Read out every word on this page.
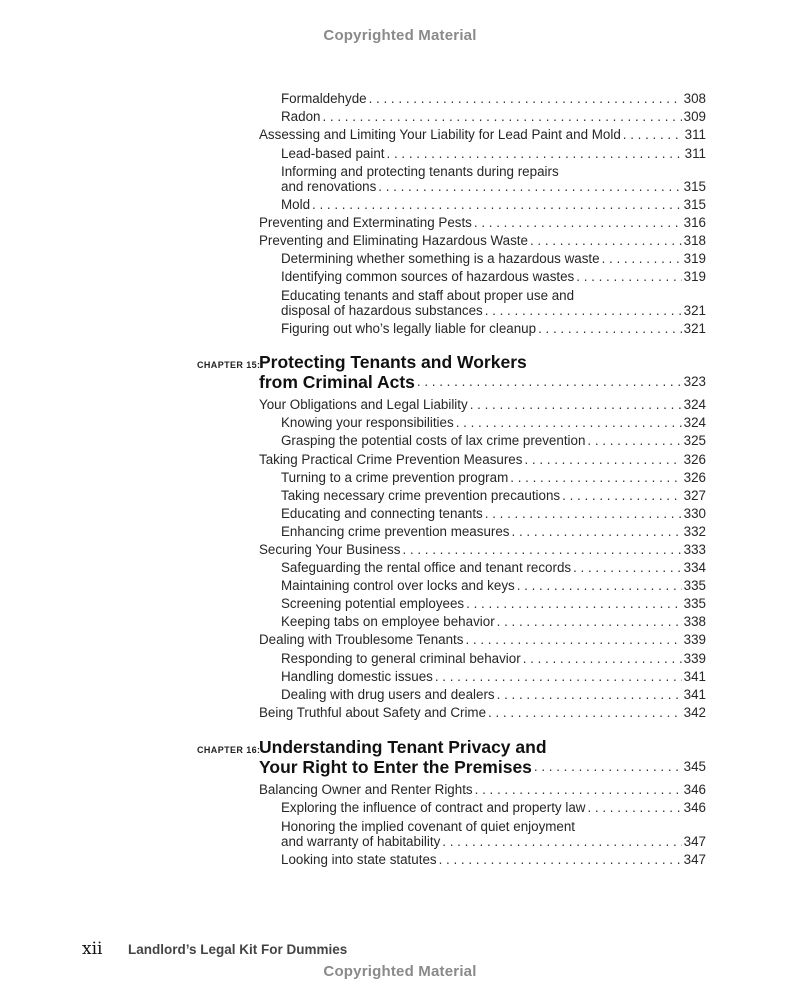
Copyrighted Material
Formaldehyde . . .	308
Radon . . .	309
Assessing and Limiting Your Liability for Lead Paint and Mold . . .	311
Lead-based paint . . .	311
Informing and protecting tenants during repairs
and renovations . . .	315
Mold . . .	315
Preventing and Exterminating Pests . . .	316
Preventing and Eliminating Hazardous Waste . . .	318
Determining whether something is a hazardous waste . . .	319
Identifying common sources of hazardous wastes . . .	319
Educating tenants and staff about proper use and
disposal of hazardous substances . . .	321
Figuring out who’s legally liable for cleanup . . .	321
CHAPTER 15:
Protecting Tenants and Workers
from Criminal Acts . . .	323
Your Obligations and Legal Liability . . .	324
Knowing your responsibilities . . .	324
Grasping the potential costs of lax crime prevention . . .	325
Taking Practical Crime Prevention Measures . . .	326
Turning to a crime prevention program . . .	326
Taking necessary crime prevention precautions . . .	327
Educating and connecting tenants . . .	330
Enhancing crime prevention measures . . .	332
Securing Your Business . . .	333
Safeguarding the rental office and tenant records . . .	334
Maintaining control over locks and keys . . .	335
Screening potential employees . . .	335
Keeping tabs on employee behavior . . .	338
Dealing with Troublesome Tenants . . .	339
Responding to general criminal behavior . . .	339
Handling domestic issues . . .	341
Dealing with drug users and dealers . . .	341
Being Truthful about Safety and Crime . . .	342
CHAPTER 16:
Understanding Tenant Privacy and
Your Right to Enter the Premises . . .	345
Balancing Owner and Renter Rights . . .	346
Exploring the influence of contract and property law . . .	346
Honoring the implied covenant of quiet enjoyment
and warranty of habitability . . .	347
Looking into state statutes . . .	347
xii Landlord’s Legal Kit For Dummies
Copyrighted Material
